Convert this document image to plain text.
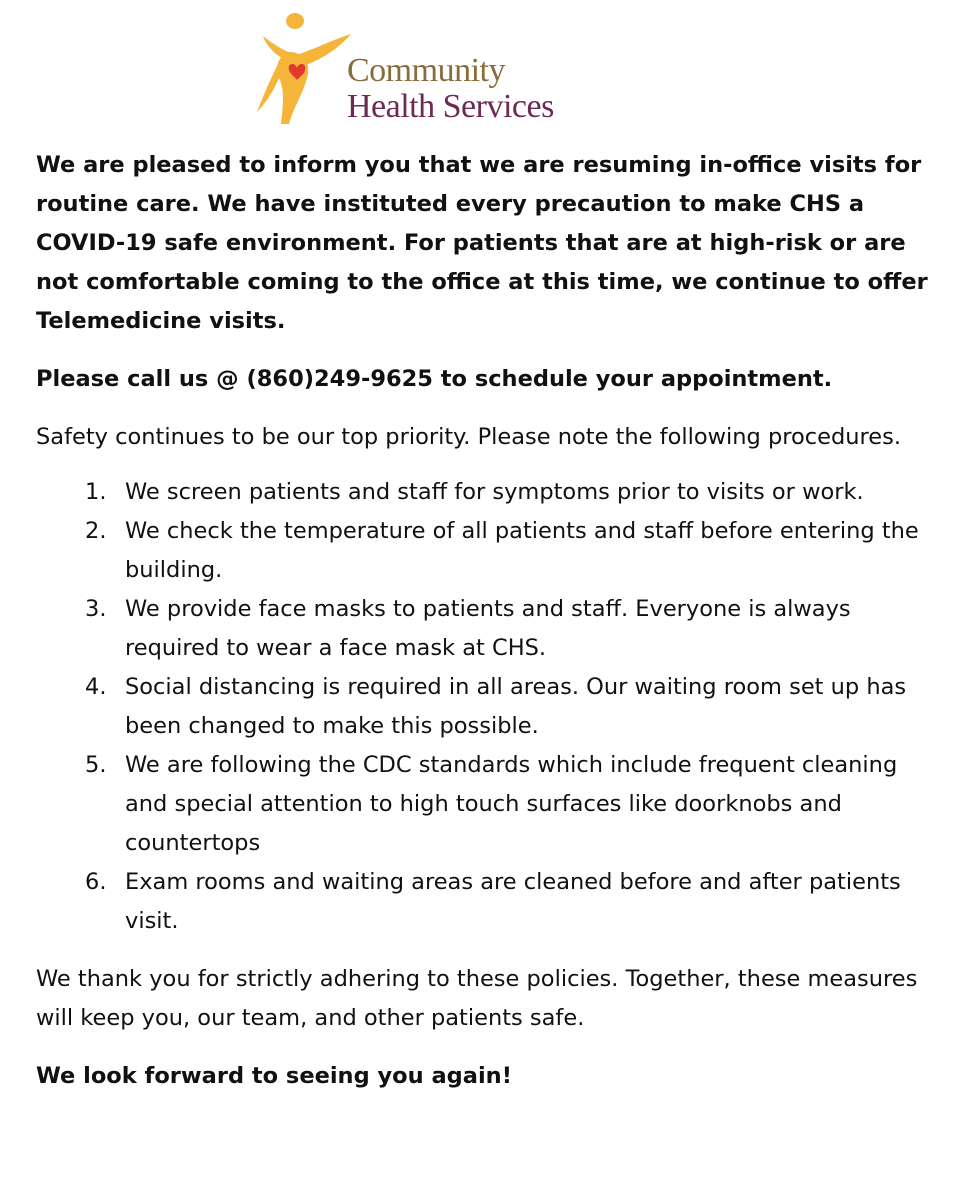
Community
Health Services

We are pleased to inform you that we are resuming in-office visits for routine care. We have instituted every precaution to make CHS a COVID-19 safe environment. For patients that are at high-risk or are not comfortable coming to the office at this time, we continue to offer Telemedicine visits.

Please call us @ (860)249-9625 to schedule your appointment.

Safety continues to be our top priority. Please note the following procedures.

1. We screen patients and staff for symptoms prior to visits or work.
2. We check the temperature of all patients and staff before entering the building.
3. We provide face masks to patients and staff. Everyone is always required to wear a face mask at CHS.
4. Social distancing is required in all areas. Our waiting room set up has been changed to make this possible.
5. We are following the CDC standards which include frequent cleaning and special attention to high touch surfaces like doorknobs and countertops
6. Exam rooms and waiting areas are cleaned before and after patients visit.

We thank you for strictly adhering to these policies. Together, these measures will keep you, our team, and other patients safe.

We look forward to seeing you again!
